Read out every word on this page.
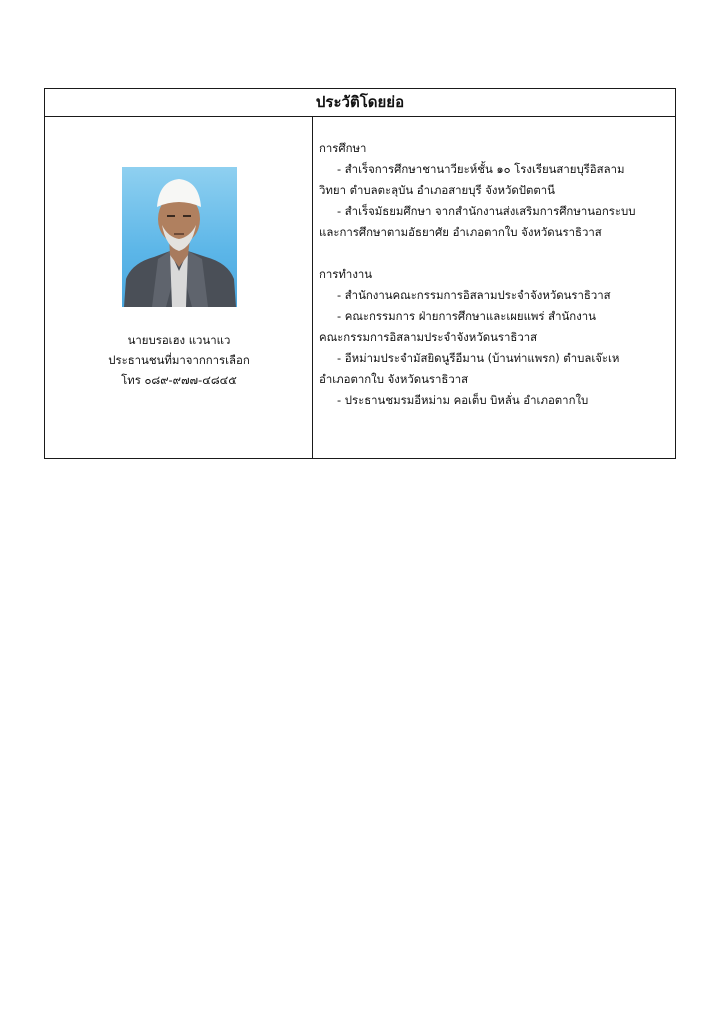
ประวัติโดยย่อ
นายบรอเฮง แวนาแว
ประธานชนที่มาจากการเลือก
โทร ๐๘๙-๙๗๗-๔๘๔๕
การศึกษา
- สำเร็จการศึกษาชานาวียะห์ชั้น ๑๐ โรงเรียนสายบุรีอิสลาม
วิทยา ตำบลตะลุบัน อำเภอสายบุรี จังหวัดปัตตานี
- สำเร็จมัธยมศึกษา จากสำนักงานส่งเสริมการศึกษานอกระบบ
และการศึกษาตามอัธยาศัย อำเภอตากใบ จังหวัดนราธิวาส
การทำงาน
- สำนักงานคณะกรรมการอิสลามประจำจังหวัดนราธิวาส
- คณะกรรมการ ฝ่ายการศึกษาและเผยแพร่ สำนักงาน
คณะกรรมการอิสลามประจำจังหวัดนราธิวาส
- อีหม่ามประจำมัสยิดนูรีอีมาน (บ้านท่าแพรก) ตำบลเจ๊ะเห
อำเภอตากใบ จังหวัดนราธิวาส
- ประธานชมรมอีหม่าม คอเต็บ บิหลั่น อำเภอตากใบ
